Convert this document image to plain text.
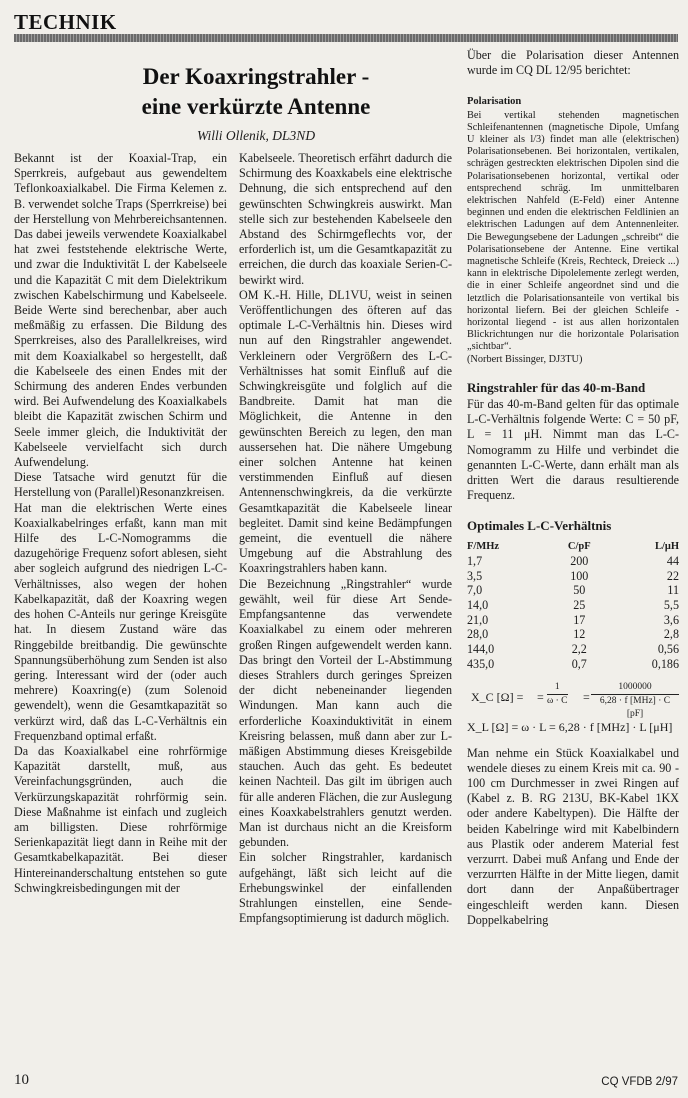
TECHNIK
Der Koaxringstrahler -
eine verkürzte Antenne
Willi Ollenik, DL3ND

Bekannt ist der Koaxial-Trap, ein Sperrkreis, aufgebaut aus gewendeltem Teflonkoaxialkabel. Die Firma Kelemen z. B. verwendet solche Traps (Sperrkreise) bei der Herstellung von Mehrbereichsantennen. Das dabei jeweils verwendete Koaxialkabel hat zwei feststehende elektrische Werte, und zwar die Induktivität L der Kabelseele und die Kapazität C mit dem Dielektrikum zwischen Kabelschirmung und Kabelseele. Beide Werte sind berechenbar, aber auch meßmäßig zu erfassen. Die Bildung des Sperrkreises, also des Parallelkreises, wird mit dem Koaxialkabel so hergestellt, daß die Kabelseele des einen Endes mit der Schirmung des anderen Endes verbunden wird. Bei Aufwendelung des Koaxialkabels bleibt die Kapazität zwischen Schirm und Seele immer gleich, die Induktivität der Kabelseele vervielfacht sich durch Aufwendelung.

Diese Tatsache wird genutzt für die Herstellung von (Parallel)Resonanzkreisen.

Hat man die elektrischen Werte eines Koaxialkabelringes erfaßt, kann man mit Hilfe des L-C-Nomogramms die dazugehörige Frequenz sofort ablesen, sieht aber sogleich aufgrund des niedrigen L-C-Verhältnisses, also wegen der hohen Kabelkapazität, daß der Koaxring wegen des hohen C-Anteils nur geringe Kreisgüte hat. In diesem Zustand wäre das Ringgebilde breitbandig. Die gewünschte Spannungsüberhöhung zum Senden ist also gering. Interessant wird der (oder auch mehrere) Koaxring(e) (zum Solenoid gewendelt), wenn die Gesamtkapazität so verkürzt wird, daß das L-C-Verhältnis ein Frequenzband optimal erfaßt.

Da das Koaxialkabel eine rohrförmige Kapazität darstellt, muß, aus Vereinfachungsgründen, auch die Verkürzungskapazität rohrförmig sein. Diese Maßnahme ist einfach und zugleich am billigsten. Diese rohrförmige Serienkapazität liegt dann in Reihe mit der Gesamtkabelkapazität. Bei dieser Hintereinanderschaltung entstehen so gute Schwingkreisbedingungen mit der

Kabelseele. Theoretisch erfährt dadurch die Schirmung des Koaxkabels eine elektrische Dehnung, die sich entsprechend auf den gewünschten Schwingkreis auswirkt. Man stelle sich zur bestehenden Kabelseele den Abstand des Schirmgeflechts vor, der erforderlich ist, um die Gesamtkapazität zu erreichen, die durch das koaxiale Serien-C- bewirkt wird.

OM K.-H. Hille, DL1VU, weist in seinen Veröffentlichungen des öfteren auf das optimale L-C-Verhältnis hin. Dieses wird nun auf den Ringstrahler angewendet. Verkleinern oder Vergrößern des L-C-Verhältnisses hat somit Einfluß auf die Schwingkreisgüte und folglich auf die Bandbreite. Damit hat man die Möglichkeit, die Antenne in den gewünschten Bereich zu legen, den man aussersehen hat. Die nähere Umgebung einer solchen Antenne hat keinen verstimmenden Einfluß auf diesen Antennenschwingkreis, da die verkürzte Gesamtkapazität die Kabelseele linear begleitet. Damit sind keine Bedämpfungen gemeint, die eventuell die nähere Umgebung auf die Abstrahlung des Koaxringstrahlers haben kann.

Die Bezeichnung „Ringstrahler“ wurde gewählt, weil für diese Art Sende-Empfangsantenne das verwendete Koaxialkabel zu einem oder mehreren großen Ringen aufgewendelt werden kann. Das bringt den Vorteil der L-Abstimmung dieses Strahlers durch geringes Spreizen der dicht nebeneinander liegenden Windungen. Man kann auch die erforderliche Koaxinduktivität in einem Kreisring belassen, muß dann aber zur L-mäßigen Abstimmung dieses Kreisgebilde stauchen. Auch das geht. Es bedeutet keinen Nachteil. Das gilt im übrigen auch für alle anderen Flächen, die zur Auslegung eines Koaxkabelstrahlers genutzt werden. Man ist durchaus nicht an die Kreisform gebunden.

Ein solcher Ringstrahler, kardanisch aufgehängt, läßt sich leicht auf die Erhebungswinkel der einfallenden Strahlungen einstellen, eine Sende-Empfangsoptimierung ist dadurch möglich.

Über die Polarisation dieser Antennen wurde im CQ DL 12/95 berichtet:

Polarisation
Bei vertikal stehenden magnetischen Schleifenantennen (magnetische Dipole, Umfang U kleiner als l/3) findet man alle (elektrischen) Polarisationsebenen. Bei horizontalen, vertikalen, schrägen gestreckten elektrischen Dipolen sind die Polarisationsebenen horizontal, vertikal oder entsprechend schräg. Im unmittelbaren elektrischen Nahfeld (E-Feld) einer Antenne beginnen und enden die elektrischen Feldlinien an elektrischen Ladungen auf dem Antennenleiter. Die Bewegungsebene der Ladungen „schreibt“ die Polarisationsebene der Antenne. Eine vertikal magnetische Schleife (Kreis, Rechteck, Dreieck ...) kann in elektrische Dipolelemente zerlegt werden, die in einer Schleife angeordnet sind und die letztlich die Polarisationsanteile von vertikal bis horizontal liefern. Bei der gleichen Schleife - horizontal liegend - ist aus allen horizontalen Blickrichtungen nur die horizontale Polarisation „sichtbar“.
(Norbert Bissinger, DJ3TU)
Ringstrahler für das 40-m-Band

Für das 40-m-Band gelten für das optimale L-C-Verhältnis folgende Werte: C = 50 pF, L = 11 μH. Nimmt man das L-C-Nomogramm zu Hilfe und verbindet die genannten L-C-Werte, dann erhält man als dritten Wert die daraus resultierende Frequenz.

Optimales L-C-Verhältnis
F/MHz	C/pF	L/μH
1,7	200	44
3,5	100	22
7,0	50	11
14,0	25	5,5
21,0	17	3,6
28,0	12	2,8
144,0	2,2	0,56
435,0	0,7	0,186
X_C [Ω] = = $\frac{1}{\omega \cdot C}$ =
1000000
6,28 · f [MHz] · C [pF]
X_L [Ω] = ω · L = 6,28 · f [MHz] · L [μH]

Man nehme ein Stück Koaxialkabel und wendele dieses zu einem Kreis mit ca. 90 - 100 cm Durchmesser in zwei Ringen auf (Kabel z. B. RG 213U, BK-Kabel 1KX oder andere Kabeltypen). Die Hälfte der beiden Kabelringe wird mit Kabelbindern aus Plastik oder anderem Material fest verzurrt. Dabei muß Anfang und Ende der verzurrten Hälfte in der Mitte liegen, damit dort dann der Anpaßübertrager eingeschleift werden kann. Diesen Doppelkabelring

10	CQ VFDB 2/97
